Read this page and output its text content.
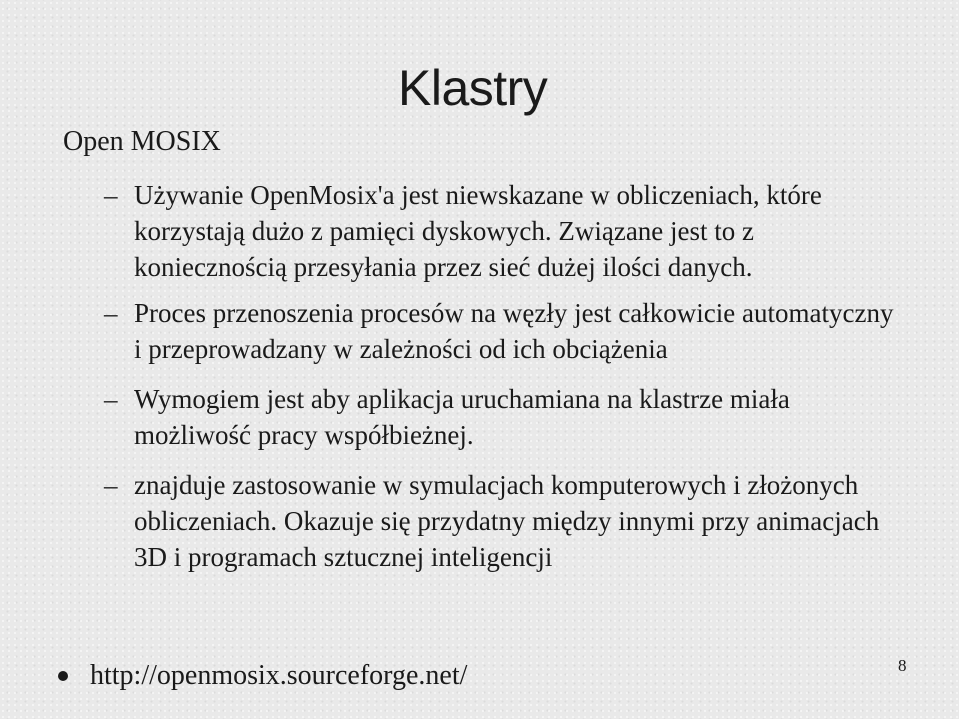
Klastry

Open MOSIX

– Używanie OpenMosix'a jest niewskazane w obliczeniach, które korzystają dużo z pamięci dyskowych. Związane jest to z koniecznością przesyłania przez sieć dużej ilości danych.
– Proces przenoszenia procesów na węzły jest całkowicie automatyczny i przeprowadzany w zależności od ich obciążenia
– Wymogiem jest aby aplikacja uruchamiana na klastrze miała możliwość pracy współbieżnej.
– znajduje zastosowanie w symulacjach komputerowych i złożonych obliczeniach. Okazuje się przydatny między innymi przy animacjach 3D i programach sztucznej inteligencji
http://openmosix.sourceforge.net/	8
